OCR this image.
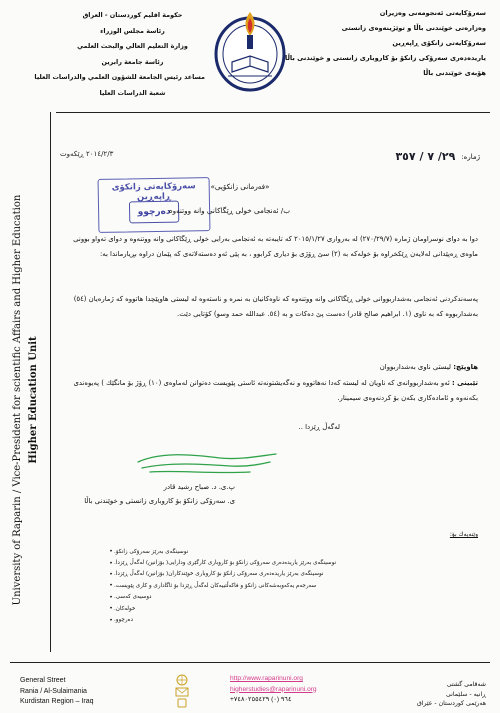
سەرۆكایەتی ئەنجومەنی وەزیران
وەزارەتی خوێندنی باڵا و توێژینەوەی زانستی
سەرۆكایەتی زانكۆی ڕاپەڕین
یاریدەدەری سەرۆكی زانكۆ بۆ كاروباری زانستی و خوێندنی باڵا
هۆبەی خوێندنی باڵا
حكومة اقليم كوردستان - العراق
رئاسة مجلس الوزراء
وزارة التعليم العالي والبحث العلمي
رئاسة جامعة رابرين
مساعد رئيس الجامعة للشؤون العلمي والدراسات العليا
شعبة الدراسات العليا
University of Raparin / Vice-President for scientific Affairs and Higher Education Higher Education Unit
ژمارە:
٢٩/ ٧ / ٣٥٧
٢٠١٤/٢/٣ ڕێكەوت
سەرۆكایەتی زانكۆی ڕاپەڕین
دەرچوو
«فەرمانی زانكۆیی»
ب/ ئەنجامی خولی ڕێگاكانی وانە ووتنەوە
دوا بە دوای نوسراومان ژمارە (٢٧٠/٢٩/٧) لە بەرواری ٢٠١٥/١/٢٧ كە تایبەتە بە ئەنجامی بەرایی خولی ڕێگاكانی وانە ووتنەوە و دوای تەواو بوونی ماوەی ڕەپێدانی لەلایەن ڕێكخراوە بۆ خولەكە بە (٢) سێ ڕۆژی بۆ دیاری كرابوو ، بە پێی ئەو دەستەلاتەی كە پێمان دراوە بڕیارماندا بە:
پەسەندكردنی ئەنجامی بەشداربووانی خولی ڕێگاكانی وانە ووتنەوە كە ناوەكانیان بە نمرە و ناستەوە لە لیستی هاوپێچدا هاتووە كە ژمارەیان (٥٤) بەشداربووە كە بە ناوی (١. ابراهيم صالح قادر) دەست پێ دەكات و بە (٥٤. عبدالله حمد وسو) كۆتایی دێت.
هاوپێچ: لیستی ناوی بەشداربووان
تێبینی : ئەو بەشداربووانەی كە ناویان لە لیستە كەدا نەهاتووە و نەگەیشتونەتە ئاستی پێویست دەتوانن لەماوەی (١٠) ڕۆژ بۆ مانگێك ) پەیوەندی بكەنەوە و ئامادەكاری بكەن بۆ كردنەوەی سیمینار.
لەگەڵ ڕێزدا ..
پ.ی. د. صباح رشيد قادر
ی. سەرۆكی زانكۆ بۆ كاروباری زانستی و خوێندنی باڵا
وێنەیەك بۆ:
• نوسینگەی بەرێز سەرۆكی زانكۆ.
• نوسینگەی بەرێز یاریدەدەری سەرۆكی زانكۆ بۆ كاروباری كارگێری ودارایی( بۆزانین) لەگەڵ ڕێزدا.
• نوسینگەی بەرێز یاریدەدەری سەرۆكی زانكۆ بۆ كاروباری خوێندكاران( بۆزانین) لەگەڵ ڕێزدا.
• سەرجەم یەكەوبەشەكانی زانكۆ و فاكەڵتییەكان لەگەڵ ڕێزدا بۆ ئاگاداری و كاری پێویست.
• دوسیەی كەسی.
• خولەكان.
• دەرچوو.
General Street
Rania / Al-Sulaimania
Kurdistan Region – Iraq
http://www.raparinuni.org
higherstudies@raparinuni.org
+٩٦٤ (٠) ٧٤٨٠٢٥٥٤٢٩
شەقامی گشتی
ڕانیە - سلێمانی
هەرێمی كوردستان - عێراق
